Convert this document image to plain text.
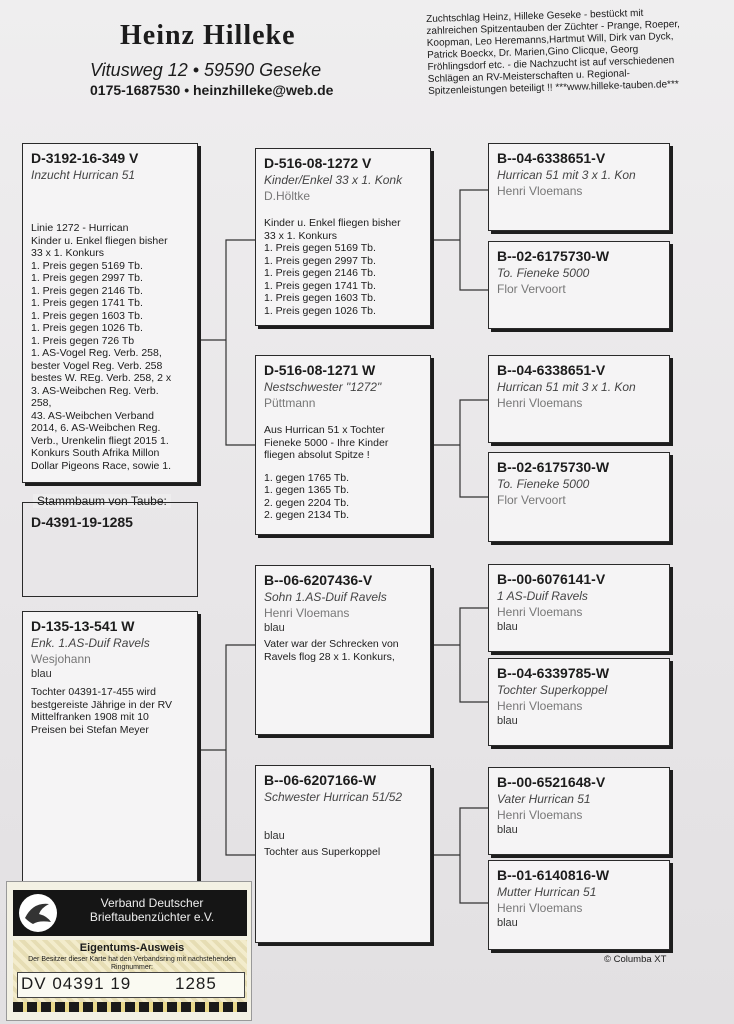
Heinz Hilleke
Vitusweg 12 • 59590 Geseke
0175-1687530 • heinzhilleke@web.de
Zuchtschlag Heinz, Hilleke Geseke - bestückt mit zahlreichen Spitzentauben der Züchter - Prange, Roeper, Koopman, Leo Heremanns,Hartmut Will, Dirk van Dyck, Patrick Boeckx, Dr. Marien,Gino Clicque, Georg Fröhlingsdorf etc. - die Nachzucht ist auf verschiedenen Schlägen an RV-Meisterschaften u. Regional-Spitzenleistungen beteiligt !! ***www.hilleke-tauben.de***
D-3192-16-349 V
Inzucht Hurrican 51
Linie 1272 - Hurrican
Kinder u. Enkel fliegen bisher
33 x 1. Konkurs
1. Preis gegen 5169 Tb.
1. Preis gegen 2997 Tb.
1. Preis gegen 2146 Tb.
1. Preis gegen 1741 Tb.
1. Preis gegen 1603 Tb.
1. Preis gegen 1026 Tb.
1. Preis gegen 726 Tb
1. AS-Vogel Reg. Verb. 258,
bester Vogel Reg. Verb. 258
bestes W. REg. Verb. 258, 2 x
3. AS-Weibchen Reg. Verb.
258,
43. AS-Weibchen Verband
2014, 6. AS-Weibchen Reg.
Verb., Urenkelin fliegt 2015 1.
Konkurs South Afrika Millon
Dollar Pigeons Race, sowie 1.
Stammbaum von Taube:
D-4391-19-1285
D-135-13-541 W
Enk. 1.AS-Duif Ravels
Wesjohann
blau
Tochter 04391-17-455 wird
bestgereiste Jährige in der RV
Mittelfranken 1908 mit 10
Preisen bei Stefan Meyer
D-516-08-1272 V
Kinder/Enkel 33 x 1. Konk
D.Höltke
Kinder u. Enkel fliegen bisher
33 x 1. Konkurs
1. Preis gegen 5169 Tb.
1. Preis gegen 2997 Tb.
1. Preis gegen 2146 Tb.
1. Preis gegen 1741 Tb.
1. Preis gegen 1603 Tb.
1. Preis gegen 1026 Tb.
D-516-08-1271 W
Nestschwester "1272"
Püttmann
Aus Hurrican 51 x Tochter
Fieneke 5000 - Ihre Kinder
fliegen absolut Spitze !
1. gegen 1765 Tb.
1. gegen 1365 Tb.
2. gegen 2204 Tb.
2. gegen 2134 Tb.
B--06-6207436-V
Sohn 1.AS-Duif Ravels
Henri Vloemans
blau
Vater war der Schrecken von
Ravels flog 28 x 1. Konkurs,
B--06-6207166-W
Schwester Hurrican 51/52
blau
Tochter aus Superkoppel
B--04-6338651-V
Hurrican 51 mit 3 x 1. Kon
Henri Vloemans
B--02-6175730-W
To. Fieneke 5000
Flor Vervoort
B--04-6338651-V
Hurrican 51 mit 3 x 1. Kon
Henri Vloemans
B--02-6175730-W
To. Fieneke 5000
Flor Vervoort
B--00-6076141-V
1 AS-Duif Ravels
Henri Vloemans
blau
B--04-6339785-W
Tochter Superkoppel
Henri Vloemans
blau
B--00-6521648-V
Vater Hurrican 51
Henri Vloemans
blau
B--01-6140816-W
Mutter Hurrican 51
Henri Vloemans
blau
© Columba XT
Verband Deutscher
Brieftaubenzüchter e.V.
Eigentums-Ausweis
Der Besitzer dieser Karte hat den Verbandsring mit nachstehenden Ringnummer:
DV 04391 19	1285
